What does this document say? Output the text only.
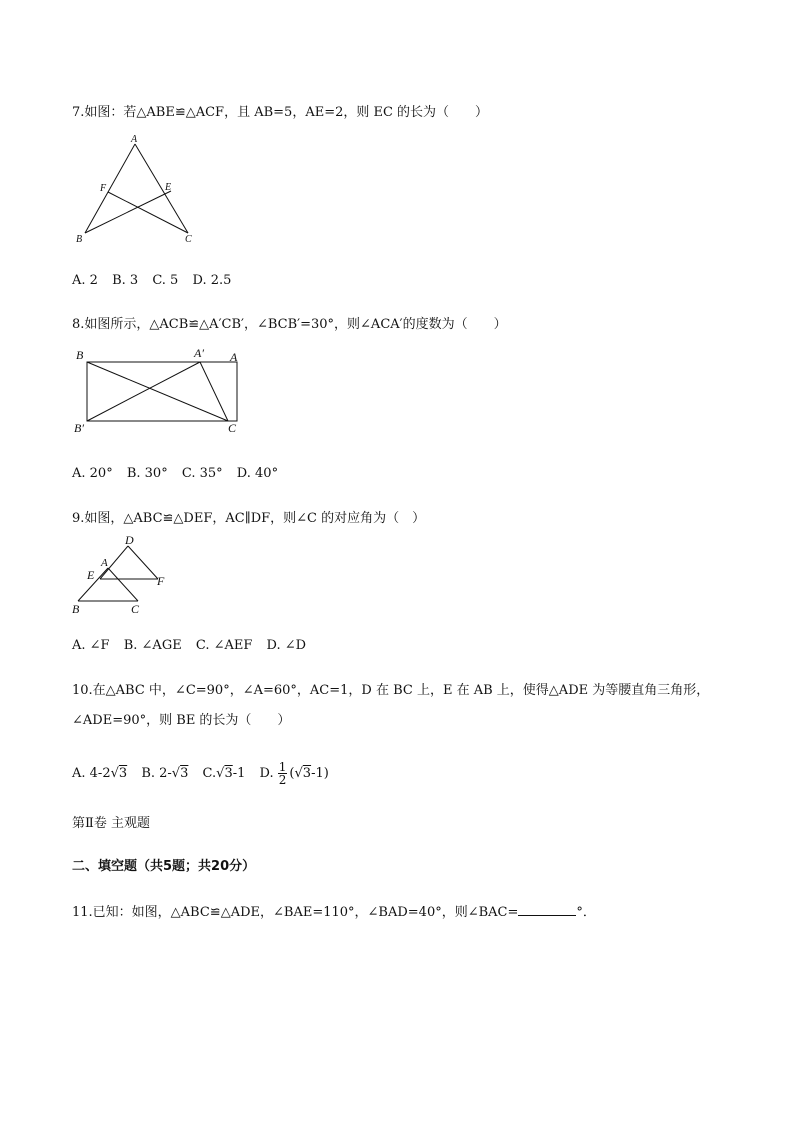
7.如图：若△ABE≌△ACF，且 AB=5，AE=2，则 EC 的长为（　　）
A
F	E
B	C
A. 2 B. 3 C. 5 D. 2.5
8.如图所示，△ACB≌△A′CB′，∠BCB′=30°，则∠ACA′的度数为（　　）
B	A′ A
B′	C
A. 20° B. 30° C. 35° D. 40°
9.如图，△ABC≌△DEF，AC∥DF，则∠C 的对应角为（　）
D
A
E	F
B	C
A. ∠F B. ∠AGE C. ∠AEF D. ∠D
10.在△ABC 中，∠C=90°，∠A=60°，AC=1，D 在 BC 上，E 在 AB 上，使得△ADE 为等腰直角三角形，
∠ADE=90°，则 BE 的长为（　　）
A. 4-2√3 B. 2-√3 C.√3-1 D. $\frac{1}{2} (√3-1)$
第Ⅱ卷 主观题
二、填空题（共5题；共20分）
11.已知：如图，△ABC≌△ADE，∠BAE=110°，∠BAD=40°，则∠BAC=	°．
